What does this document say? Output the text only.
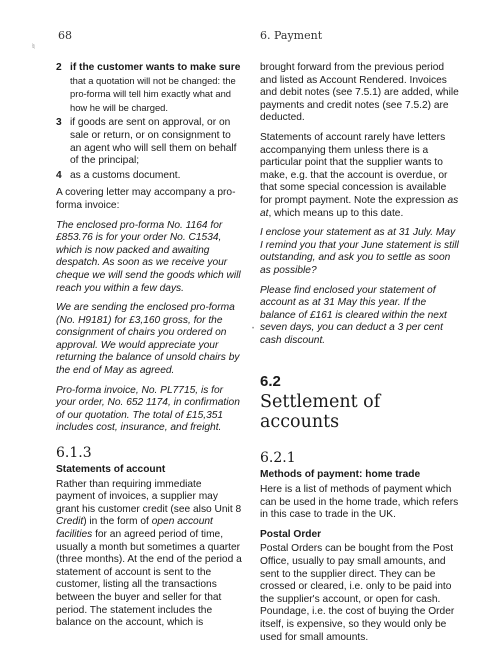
68	6. Payment
♮
•
2 if the customer wants to make sure
that a quotation will not be changed: the pro-forma will tell him exactly what and how he will be charged.
3 if goods are sent on approval, or on sale or return, or on consignment to an agent who will sell them on behalf of the principal;
4 as a customs document.

A covering letter may accompany a pro-forma invoice:

The enclosed pro-forma No. 1164 for £853.76 is for your order No. C1534, which is now packed and awaiting despatch. As soon as we receive your cheque we will send the goods which will reach you within a few days.

We are sending the enclosed pro-forma (No. H9181) for £3,160 gross, for the consignment of chairs you ordered on approval. We would appreciate your returning the balance of unsold chairs by the end of May as agreed.

Pro-forma invoice, No. PL7715, is for your order, No. 652 1174, in confirmation of our quotation. The total of £15,351 includes cost, insurance, and freight.

6.1.3
Statements of account

Rather than requiring immediate payment of invoices, a supplier may grant his customer credit (see also Unit 8 Credit) in the form of open account facilities for an agreed period of time, usually a month but sometimes a quarter (three months). At the end of the period a statement of account is sent to the customer, listing all the transactions between the buyer and seller for that period. The statement includes the balance on the account, which is

brought forward from the previous period and listed as Account Rendered. Invoices and debit notes (see 7.5.1) are added, while payments and credit notes (see 7.5.2) are deducted.

Statements of account rarely have letters accompanying them unless there is a particular point that the supplier wants to make, e.g. that the account is overdue, or that some special concession is available for prompt payment. Note the expression as at, which means up to this date.

I enclose your statement as at 31 July. May I remind you that your June statement is still outstanding, and ask you to settle as soon as possible?

Please find enclosed your statement of account as at 31 May this year. If the balance of £161 is cleared within the next seven days, you can deduct a 3 per cent cash discount.

6.2
Settlement of accounts
6.2.1
Methods of payment: home trade

Here is a list of methods of payment which can be used in the home trade, which refers in this case to trade in the UK.

Postal Order

Postal Orders can be bought from the Post Office, usually to pay small amounts, and sent to the supplier direct. They can be crossed or cleared, i.e. only to be paid into the supplier's account, or open for cash. Poundage, i.e. the cost of buying the Order itself, is expensive, so they would only be used for small amounts.
